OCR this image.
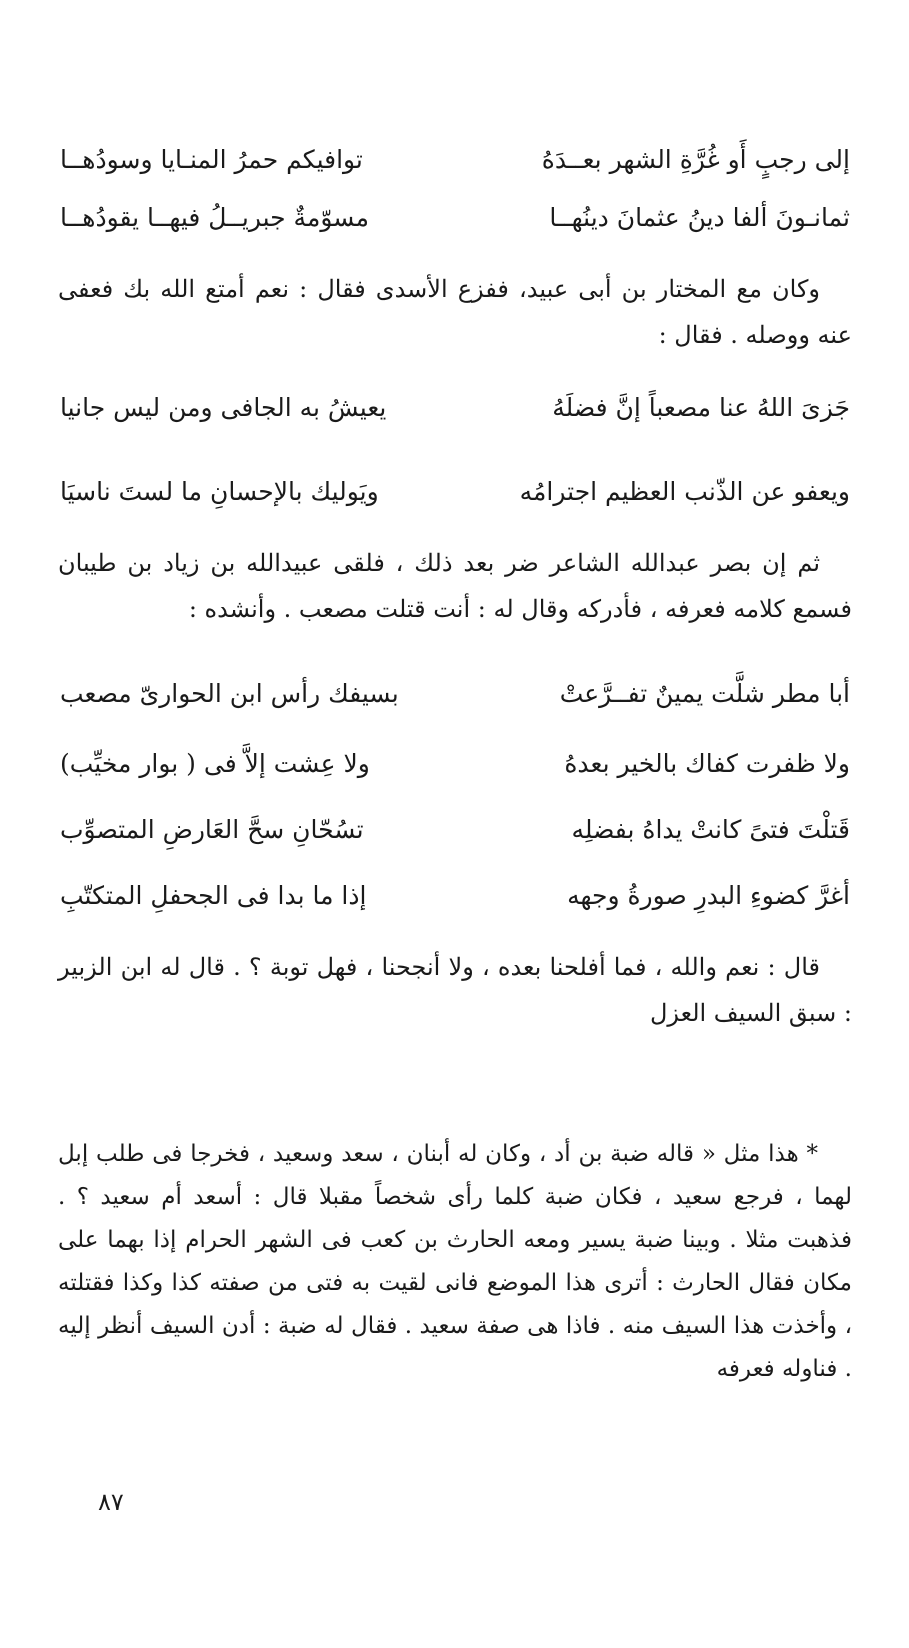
إلى رجبٍ أَو غُرَّةِ الشهر بعــدَهُ
توافيكم حمرُ المنـايا وسودُهــا
ثمانـونَ ألفا دينُ عثمانَ دينُهــا
مسوّمةٌ جبريــلُ فيهــا يقودُهــا

وكان مع المختار بن أبى عبيد، ففزع الأسدى فقال : نعم أمتع الله بك فعفى عنه ووصله . فقال :

جَزىَ اللهُ عنا مصعباً إنَّ فضلَهُ
يعيشُ به الجافى ومن ليس جانيا
ويعفو عن الذّنب العظيم اجترامُه
ويَوليك بالإحسانِ ما لستَ ناسيَا

ثم إن بصر عبدالله الشاعر ضر بعد ذلك ، فلقى عبيدالله بن زياد بن طيبان فسمع كلامه فعرفه ، فأدركه وقال له : أنت قتلت مصعب . وأنشده :

أبا مطر شلَّت يمينٌ تفــرَّعتْ
بسيفك رأس ابن الحوارىّ مصعب
ولا ظفرت كفاك بالخير بعدهُ
ولا عِشت إلاَّ فى ( بوار مخيِّب)
قَتلْتَ فتىً كانتْ يداهُ بفضلِه
تسُحّانِ سحَّ العَارضِ المتصوِّب
أغرَّ كضوءِ البدرِ صورةُ وجهه
إذا ما بدا فى الجحفلِ المتكتّبِ

قال : نعم والله ، فما أفلحنا بعده ، ولا أنجحنا ، فهل توبة ؟ . قال له ابن الزبير : سبق السيف العزل

* هذا مثل « قاله ضبة بن أد ، وكان له أبنان ، سعد وسعيد ، فخرجا فى طلب إبل لهما ، فرجع سعيد ، فكان ضبة كلما رأى شخصاً مقبلا قال : أسعد أم سعيد ؟ . فذهبت مثلا . وبينا ضبة يسير ومعه الحارث بن كعب فى الشهر الحرام إذا بهما على مكان فقال الحارث : أترى هذا الموضع فانى لقيت به فتى من صفته كذا وكذا فقتلته ، وأخذت هذا السيف منه . فاذا هى صفة سعيد . فقال له ضبة : أدن السيف أنظر إليه . فناوله فعرفه

٨٧
